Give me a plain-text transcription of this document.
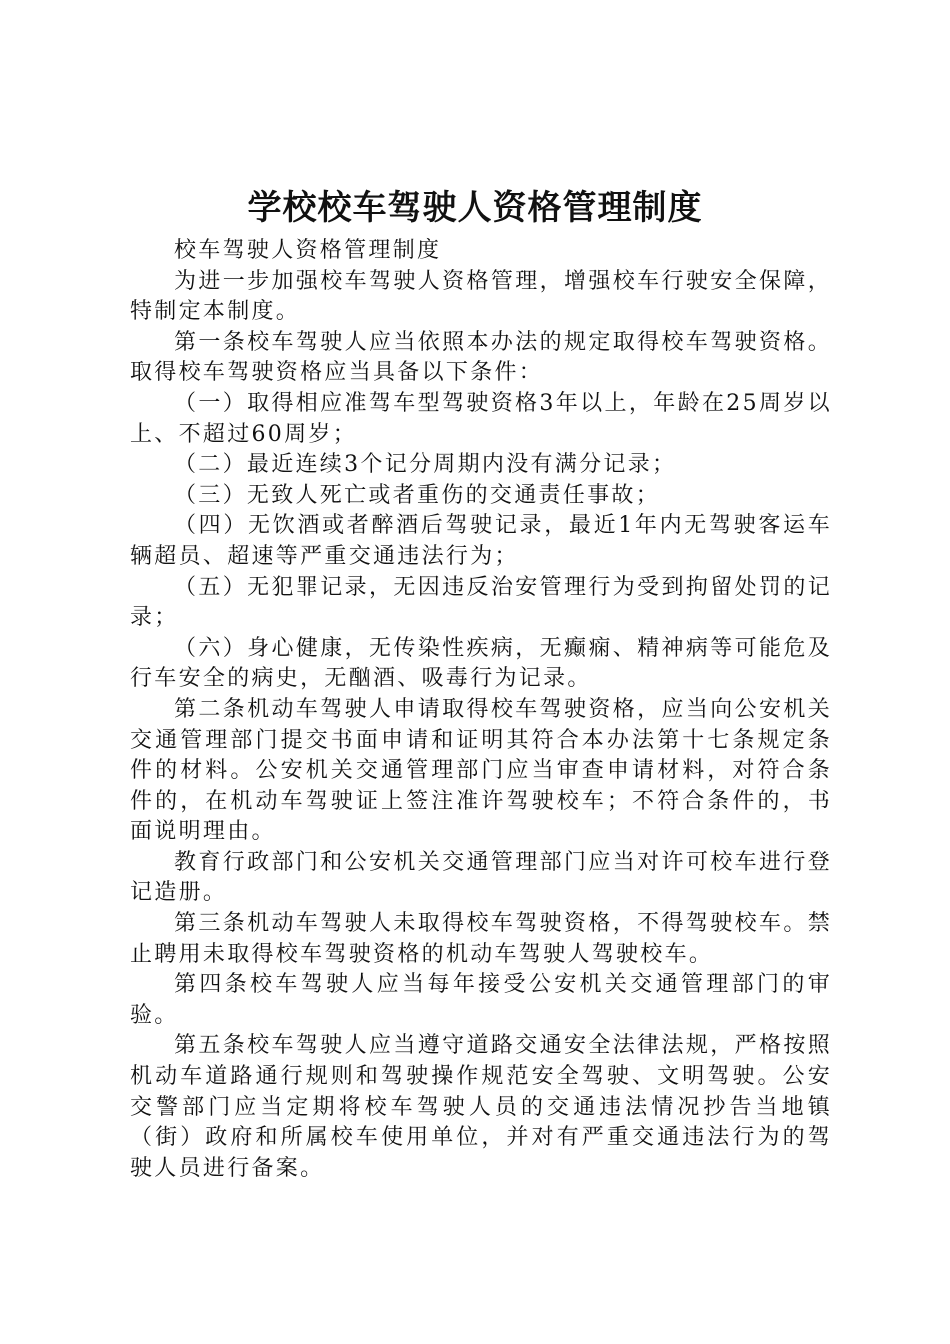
学校校车驾驶人资格管理制度

校车驾驶人资格管理制度

为进一步加强校车驾驶人资格管理，增强校车行驶安全保障，特制定本制度。

第一条校车驾驶人应当依照本办法的规定取得校车驾驶资格。取得校车驾驶资格应当具备以下条件：

（一）取得相应准驾车型驾驶资格3年以上，年龄在25周岁以上、不超过60周岁；

（二）最近连续3个记分周期内没有满分记录；

（三）无致人死亡或者重伤的交通责任事故；

（四）无饮酒或者醉酒后驾驶记录，最近1年内无驾驶客运车辆超员、超速等严重交通违法行为；

（五）无犯罪记录，无因违反治安管理行为受到拘留处罚的记录；

（六）身心健康，无传染性疾病，无癫痫、精神病等可能危及行车安全的病史，无酗酒、吸毒行为记录。

第二条机动车驾驶人申请取得校车驾驶资格，应当向公安机关交通管理部门提交书面申请和证明其符合本办法第十七条规定条件的材料。公安机关交通管理部门应当审查申请材料，对符合条件的，在机动车驾驶证上签注准许驾驶校车；不符合条件的，书面说明理由。

教育行政部门和公安机关交通管理部门应当对许可校车进行登记造册。

第三条机动车驾驶人未取得校车驾驶资格，不得驾驶校车。禁止聘用未取得校车驾驶资格的机动车驾驶人驾驶校车。

第四条校车驾驶人应当每年接受公安机关交通管理部门的审验。

第五条校车驾驶人应当遵守道路交通安全法律法规，严格按照机动车道路通行规则和驾驶操作规范安全驾驶、文明驾驶。公安交警部门应当定期将校车驾驶人员的交通违法情况抄告当地镇（街）政府和所属校车使用单位，并对有严重交通违法行为的驾驶人员进行备案。
